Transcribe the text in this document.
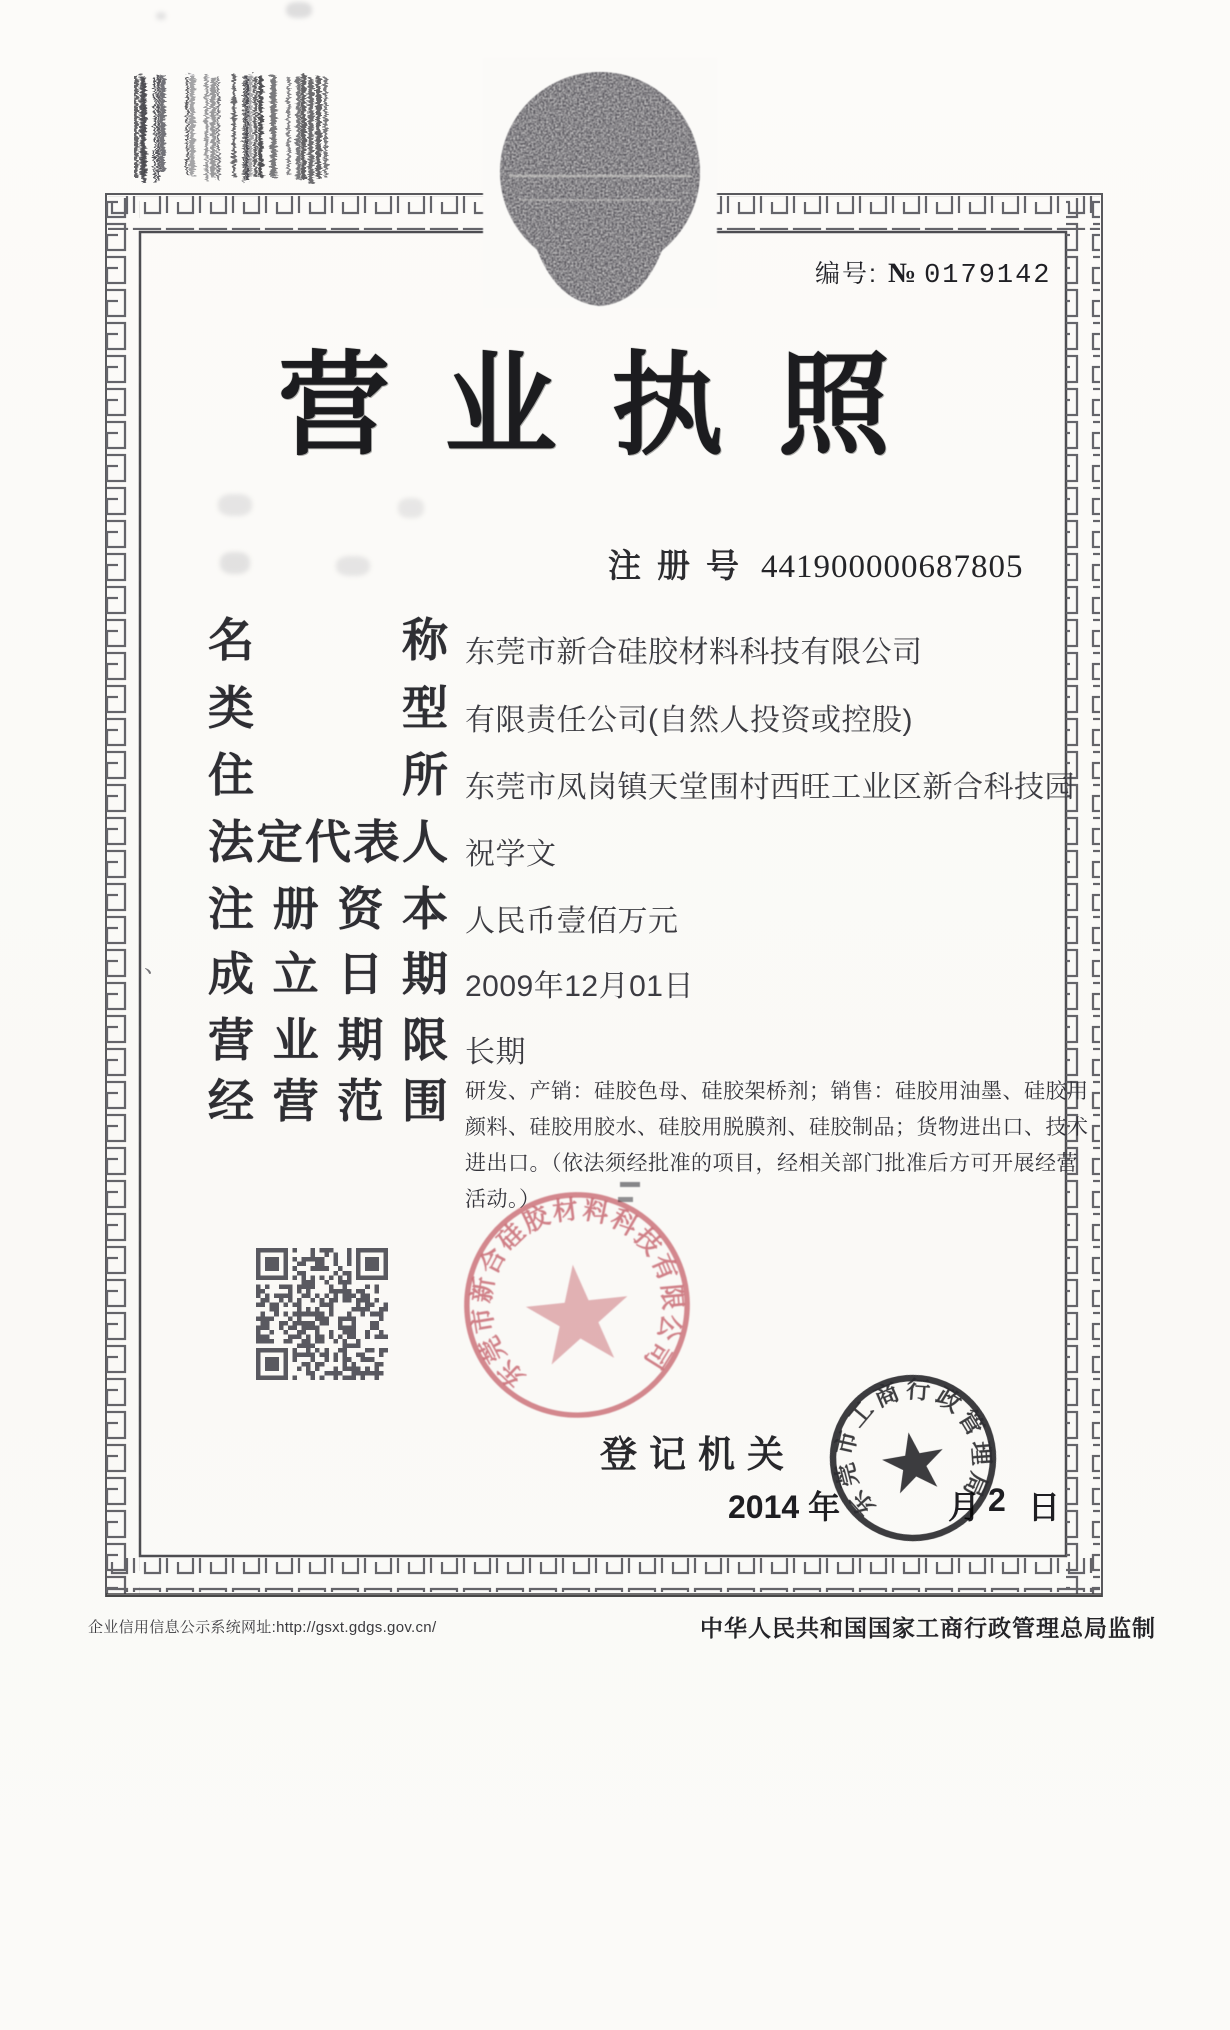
编号: № 0179142
营 业 执 照
注册号 441900000687805
名	称 东莞市新合硅胶材料科技有限公司
类	型 有限责任公司(自然人投资或控股)
住	所 东莞市凤岗镇天堂围村西旺工业区新合科技园
法 定 代 表 人 祝学文
注 册 资 本 人民币壹佰万元
、 成 立 日 期 2009年12月01日
营 业 期 限 长期
经 营 范 围 研发、产销：硅胶色母、硅胶架桥剂；销售：硅胶用油墨、硅胶用颜料、硅胶用胶水、硅胶用脱膜剂、硅胶制品；货物进出口、技术进出口。（依法须经批准的项目，经相关部门批准后方可开展经营活动。）
东莞市新合硅胶材料科技有限公司
登记机关
2014 年	月 2 日
东莞市工商行政管理局
企业信用信息公示系统网址:http://gsxt.gdgs.gov.cn/	中华人民共和国国家工商行政管理总局监制
